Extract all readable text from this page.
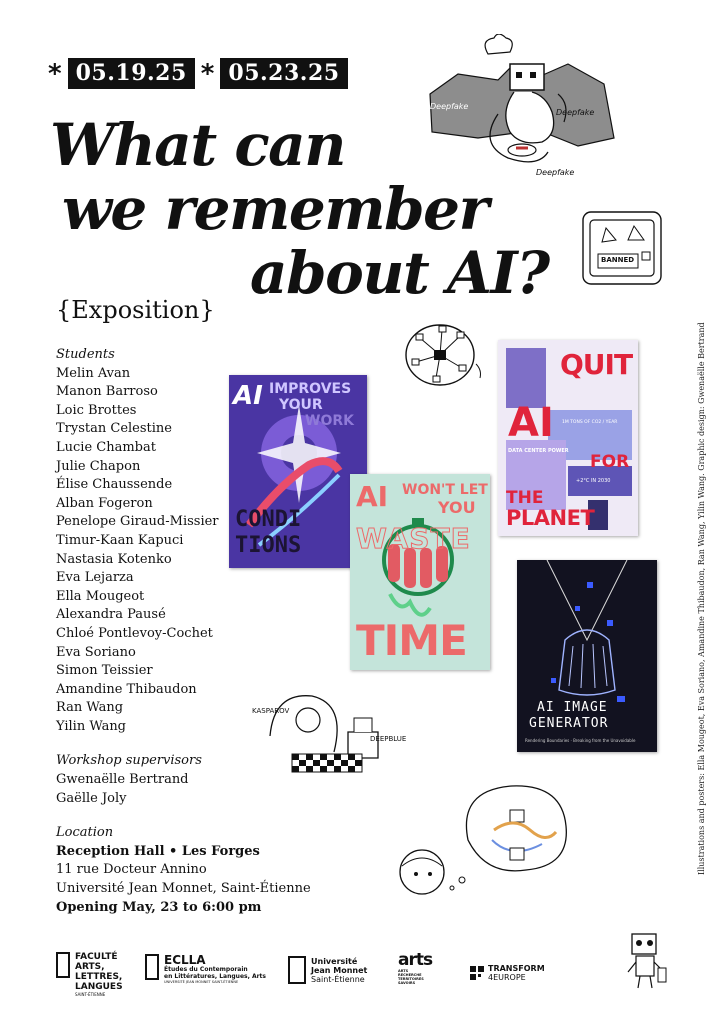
* 05.19.25 * 05.23.25
What can
we remember
about AI?
{Exposition}
Students
Melin Avan
Manon Barroso
Loic Brottes
Trystan Celestine
Lucie Chambat
Julie Chapon
Élise Chaussende
Alban Fogeron
Penelope Giraud-Missier
Timur-Kaan Kapuci
Nastasia Kotenko
Eva Lejarza
Ella Mougeot
Alexandra Pausé
Chloé Pontlevoy-Cochet
Eva Soriano
Simon Teissier
Amandine Thibaudon
Ran Wang
Yilin Wang
Workshop supervisors
Gwenaëlle Bertrand
Gaëlle Joly
Location
Reception Hall • Les Forges
11 rue Docteur Annino
Université Jean Monnet, Saint-Étienne
Opening May, 23 to 6:00 pm
Illustrations and posters: Ella Mougeot, Eva Soriano, Amandine Thibaudon, Ran Wang, Yilin Wang. Graphic design: Gwenaëlle Bertrand
Deepfake
Deepfake
Deepfake
BANNED
AI IMPROVES
YOUR
WORK
CONDI
TIONS
QUIT
AI
FOR
THE
PLANET
DATA CENTER POWER
+2°C IN 2030
1M TONS OF CO2 / YEAR
AI WON'T LET
YOU
WASTE
TIME
AI IMAGE
GENERATOR
Rendering Boundaries · Breaking from the Unavoidable
KASPAROV
DEEPBLUE
FACULTÉ
ARTS,
LETTRES,
LANGUES
SAINT-ÉTIENNE
ECLLA
Études du Contemporain
en Littératures, Langues, Arts
UNIVERSITÉ JEAN MONNET SAINT-ÉTIENNE
Université
Jean Monnet
Saint-Étienne
arts
ARTS
RECHERCHE
TERRITOIRES
SAVOIRS
TRANSFORM
4EUROPE
